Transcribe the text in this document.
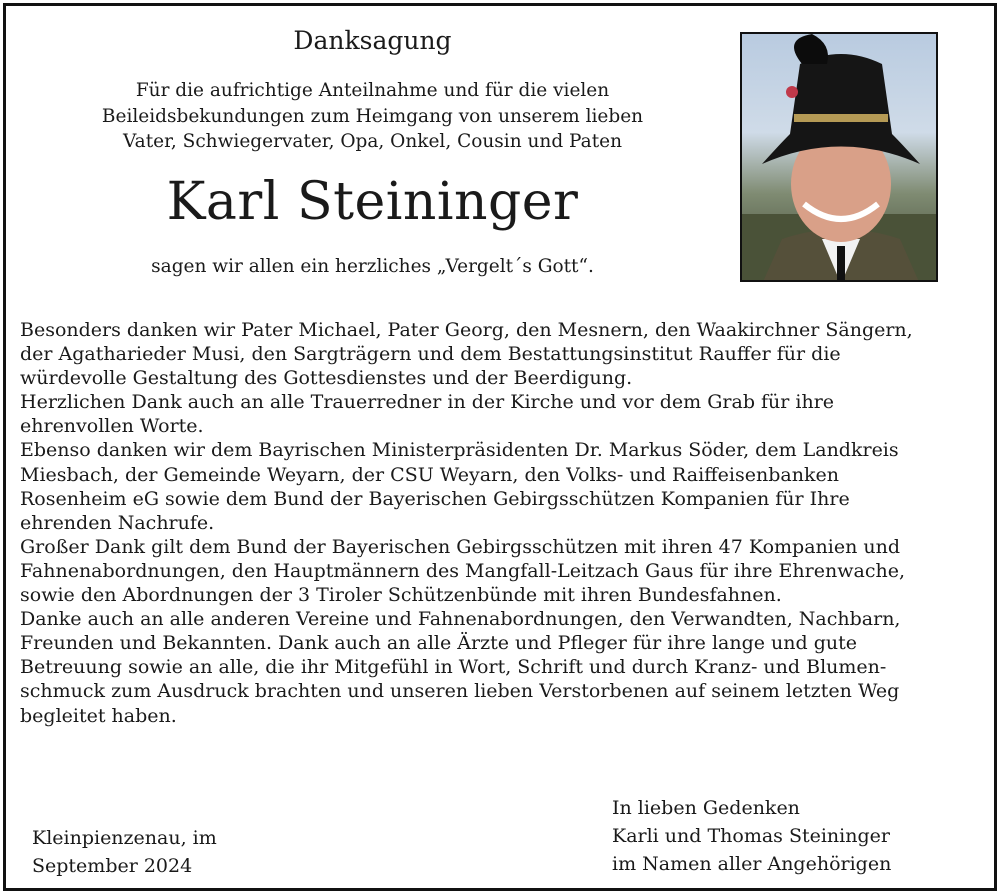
Danksagung
Für die aufrichtige Anteilnahme und für die vielen
Beileidsbekundungen zum Heimgang von unserem lieben
Vater, Schwiegervater, Opa, Onkel, Cousin und Paten
Karl Steininger
sagen wir allen ein herzliches „Vergelt´s Gott“.
Besonders danken wir Pater Michael, Pater Georg, den Mesnern, den Waakirchner Sängern,
der Agatharieder Musi, den Sargträgern und dem Bestattungsinstitut Rauffer für die
würdevolle Gestaltung des Gottesdienstes und der Beerdigung.
Herzlichen Dank auch an alle Trauerredner in der Kirche und vor dem Grab für ihre
ehrenvollen Worte.
Ebenso danken wir dem Bayrischen Ministerpräsidenten Dr. Markus Söder, dem Landkreis
Miesbach, der Gemeinde Weyarn, der CSU Weyarn, den Volks- und Raiffeisenbanken
Rosenheim eG sowie dem Bund der Bayerischen Gebirgsschützen Kompanien für Ihre
ehrenden Nachrufe.
Großer Dank gilt dem Bund der Bayerischen Gebirgsschützen mit ihren 47 Kompanien und
Fahnenabordnungen, den Hauptmännern des Mangfall-Leitzach Gaus für ihre Ehrenwache,
sowie den Abordnungen der 3 Tiroler Schützenbünde mit ihren Bundesfahnen.
Danke auch an alle anderen Vereine und Fahnenabordnungen, den Verwandten, Nachbarn,
Freunden und Bekannten. Dank auch an alle Ärzte und Pfleger für ihre lange und gute
Betreuung sowie an alle, die ihr Mitgefühl in Wort, Schrift und durch Kranz- und Blumen-
schmuck zum Ausdruck brachten und unseren lieben Verstorbenen auf seinem letzten Weg
begleitet haben.
Kleinpienzenau, im
September 2024
In lieben Gedenken
Karli und Thomas Steininger
im Namen aller Angehörigen
